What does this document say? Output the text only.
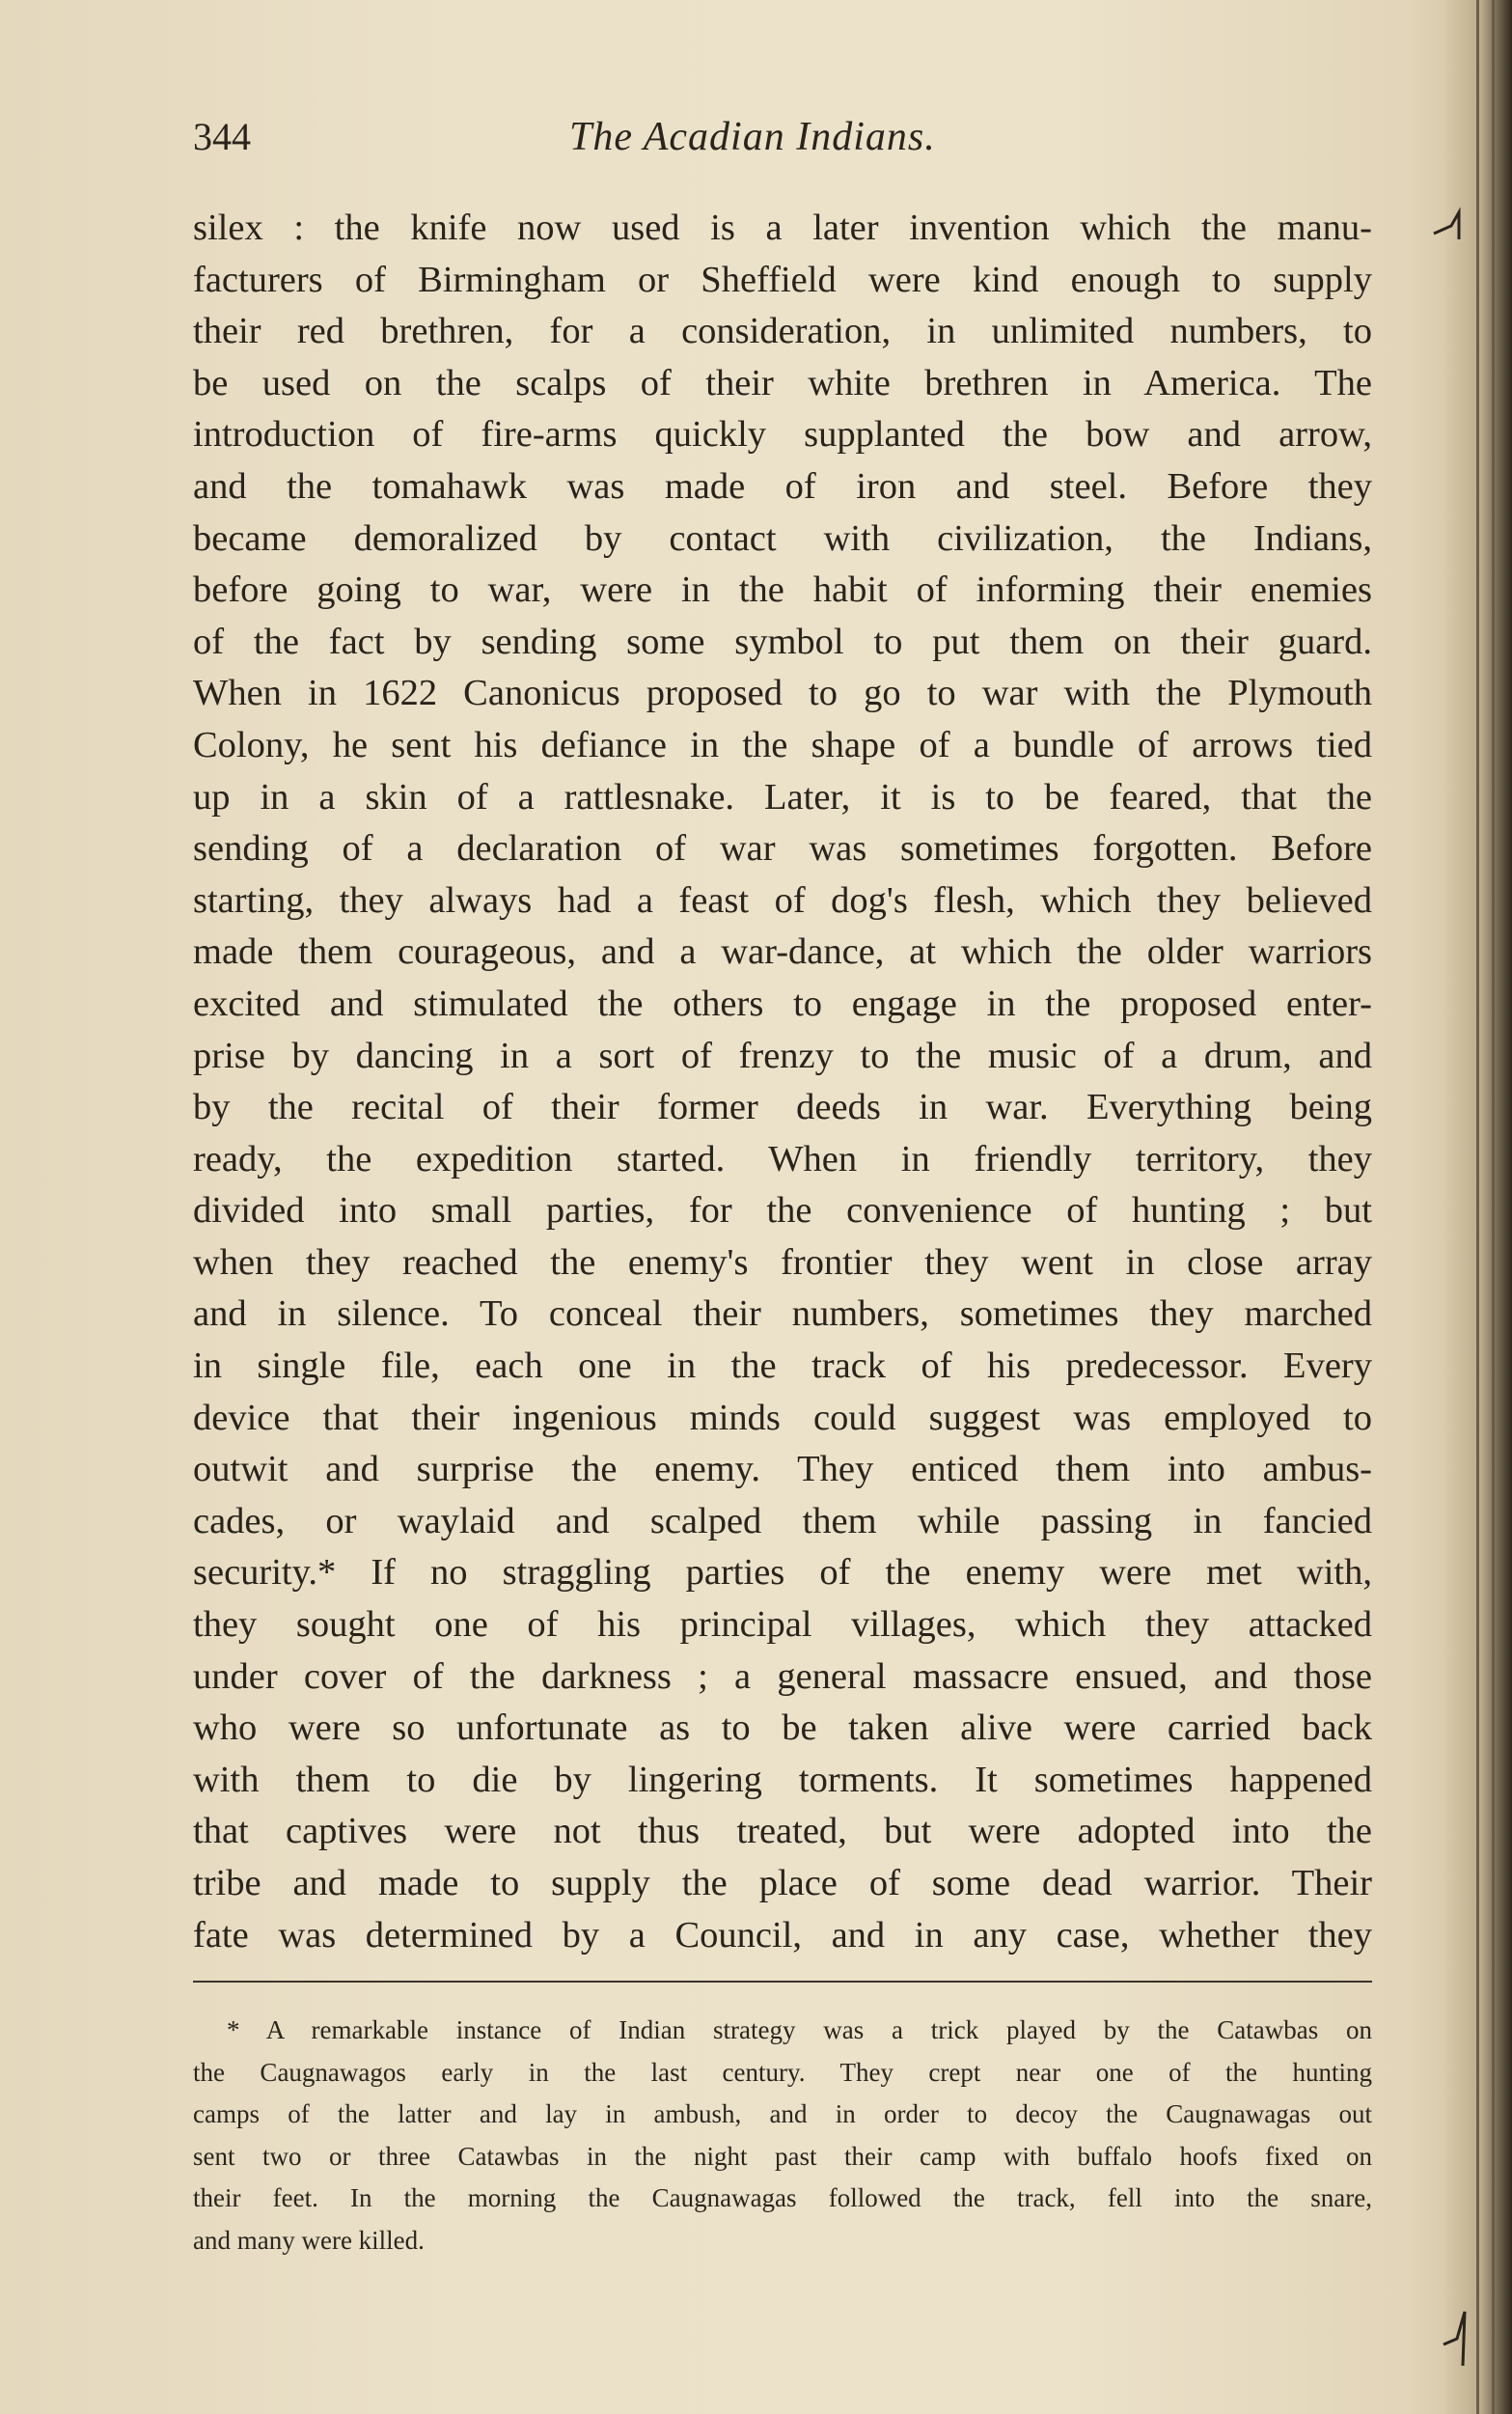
344	The Acadian Indians.
silex : the knife now used is a later invention which the manu-
facturers of Birmingham or Sheffield were kind enough to supply
their red brethren, for a consideration, in unlimited numbers, to
be used on the scalps of their white brethren in America. The
introduction of fire-arms quickly supplanted the bow and arrow,
and the tomahawk was made of iron and steel. Before they
became demoralized by contact with civilization, the Indians,
before going to war, were in the habit of informing their enemies
of the fact by sending some symbol to put them on their guard.
When in 1622 Canonicus proposed to go to war with the Plymouth
Colony, he sent his defiance in the shape of a bundle of arrows tied
up in a skin of a rattlesnake. Later, it is to be feared, that the
sending of a declaration of war was sometimes forgotten. Before
starting, they always had a feast of dog's flesh, which they believed
made them courageous, and a war-dance, at which the older warriors
excited and stimulated the others to engage in the proposed enter-
prise by dancing in a sort of frenzy to the music of a drum, and
by the recital of their former deeds in war. Everything being
ready, the expedition started. When in friendly territory, they
divided into small parties, for the convenience of hunting ; but
when they reached the enemy's frontier they went in close array
and in silence. To conceal their numbers, sometimes they marched
in single file, each one in the track of his predecessor. Every
device that their ingenious minds could suggest was employed to
outwit and surprise the enemy. They enticed them into ambus-
cades, or waylaid and scalped them while passing in fancied
security.* If no straggling parties of the enemy were met with,
they sought one of his principal villages, which they attacked
under cover of the darkness ; a general massacre ensued, and those
who were so unfortunate as to be taken alive were carried back
with them to die by lingering torments. It sometimes happened
that captives were not thus treated, but were adopted into the
tribe and made to supply the place of some dead warrior. Their
fate was determined by a Council, and in any case, whether they
* A remarkable instance of Indian strategy was a trick played by the Catawbas on
the Caugnawagos early in the last century. They crept near one of the hunting
camps of the latter and lay in ambush, and in order to decoy the Caugnawagas out
sent two or three Catawbas in the night past their camp with buffalo hoofs fixed on
their feet. In the morning the Caugnawagas followed the track, fell into the snare,
and many were killed.
